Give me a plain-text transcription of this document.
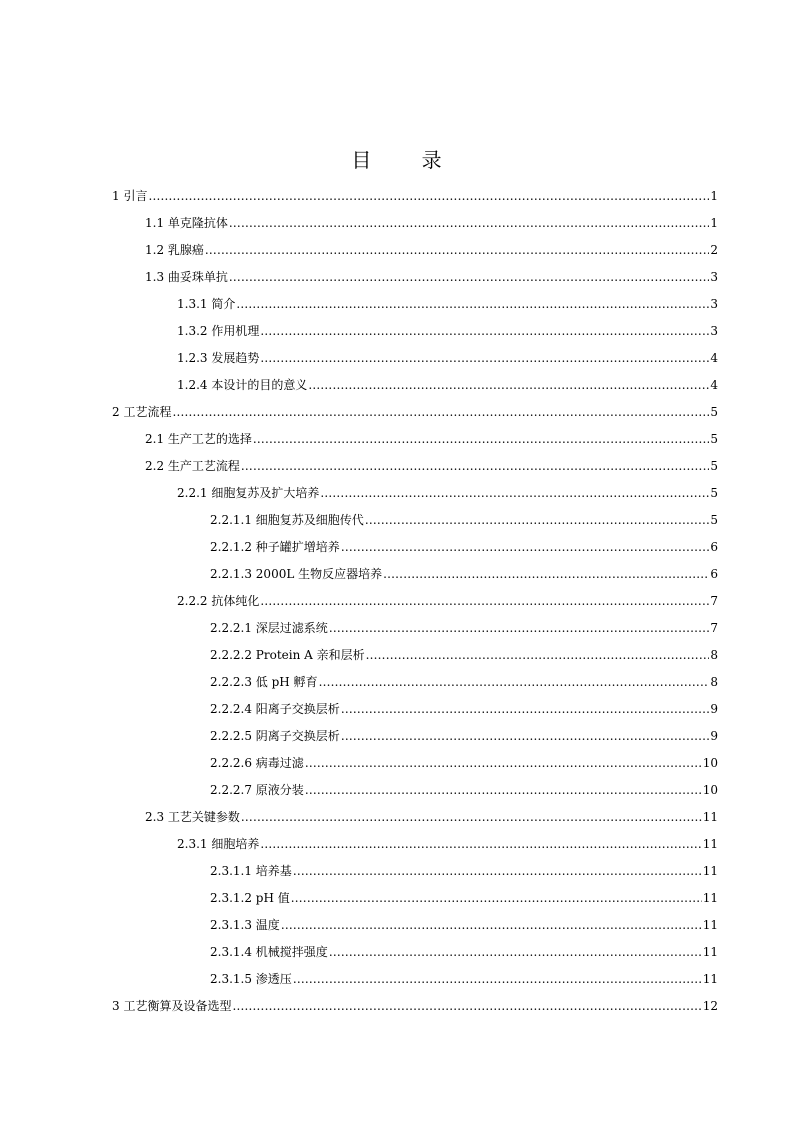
目 录
1 引言 .....	1
1.1 单克隆抗体 .....	1
1.2 乳腺癌 .....	2
1.3 曲妥珠单抗 .....	3
1.3.1 简介 .....	3
1.3.2 作用机理 .....	3
1.2.3 发展趋势 .....	4
1.2.4 本设计的目的意义 .....	4
2 工艺流程 .....	5
2.1 生产工艺的选择 .....	5
2.2 生产工艺流程 .....	5
2.2.1 细胞复苏及扩大培养 .....	5
2.2.1.1 细胞复苏及细胞传代 .....	5
2.2.1.2 种子罐扩增培养 .....	6
2.2.1.3 2000L 生物反应器培养 .....	6
2.2.2 抗体纯化 .....	7
2.2.2.1 深层过滤系统 .....	7
2.2.2.2 Protein A 亲和层析 .....	8
2.2.2.3 低 pH 孵育 .....	8
2.2.2.4 阳离子交换层析 .....	9
2.2.2.5 阴离子交换层析 .....	9
2.2.2.6 病毒过滤 .....	10
2.2.2.7 原液分装 .....	10
2.3 工艺关键参数 .....	11
2.3.1 细胞培养 .....	11
2.3.1.1 培养基 .....	11
2.3.1.2 pH 值 .....	11
2.3.1.3 温度 .....	11
2.3.1.4 机械搅拌强度 .....	11
2.3.1.5 渗透压 .....	11
3 工艺衡算及设备选型 .....	12
